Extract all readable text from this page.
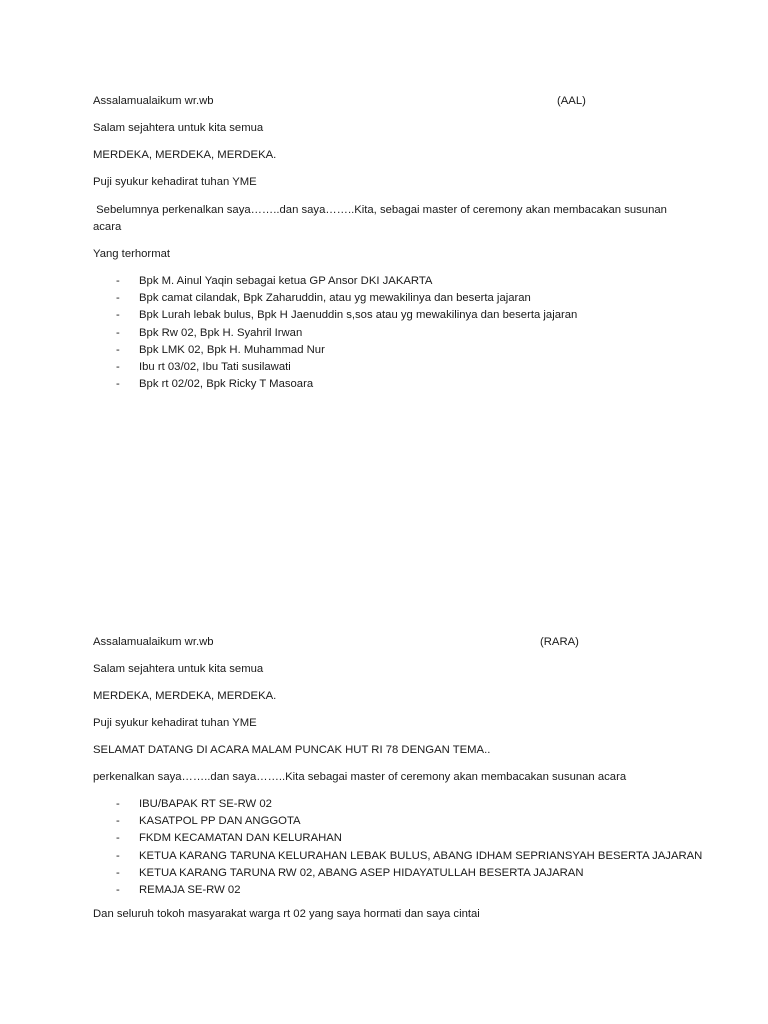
Assalamualaikum wr.wb	(AAL)

Salam sejahtera untuk kita semua

MERDEKA, MERDEKA, MERDEKA.

Puji syukur kehadirat tuhan YME

Sebelumnya perkenalkan saya……..dan saya……..Kita, sebagai master of ceremony akan membacakan susunan acara

Yang terhormat

- Bpk M. Ainul Yaqin sebagai ketua GP Ansor DKI JAKARTA
- Bpk camat cilandak, Bpk Zaharuddin, atau yg mewakilinya dan beserta jajaran
- Bpk Lurah lebak bulus, Bpk H Jaenuddin s,sos atau yg mewakilinya dan beserta jajaran
- Bpk Rw 02, Bpk H. Syahril Irwan
- Bpk LMK 02, Bpk H. Muhammad Nur
- Ibu rt 03/02, Ibu Tati susilawati
- Bpk rt 02/02, Bpk Ricky T Masoara

Assalamualaikum wr.wb	(RARA)

Salam sejahtera untuk kita semua

MERDEKA, MERDEKA, MERDEKA.

Puji syukur kehadirat tuhan YME

SELAMAT DATANG DI ACARA MALAM PUNCAK HUT RI 78 DENGAN TEMA..

perkenalkan saya……..dan saya……..Kita sebagai master of ceremony akan membacakan susunan acara

- IBU/BAPAK RT SE-RW 02
- KASATPOL PP DAN ANGGOTA
- FKDM KECAMATAN DAN KELURAHAN
- KETUA KARANG TARUNA KELURAHAN LEBAK BULUS, ABANG IDHAM SEPRIANSYAH BESERTA JAJARAN
- KETUA KARANG TARUNA RW 02, ABANG ASEP HIDAYATULLAH BESERTA JAJARAN
- REMAJA SE-RW 02

Dan seluruh tokoh masyarakat warga rt 02 yang saya hormati dan saya cintai
